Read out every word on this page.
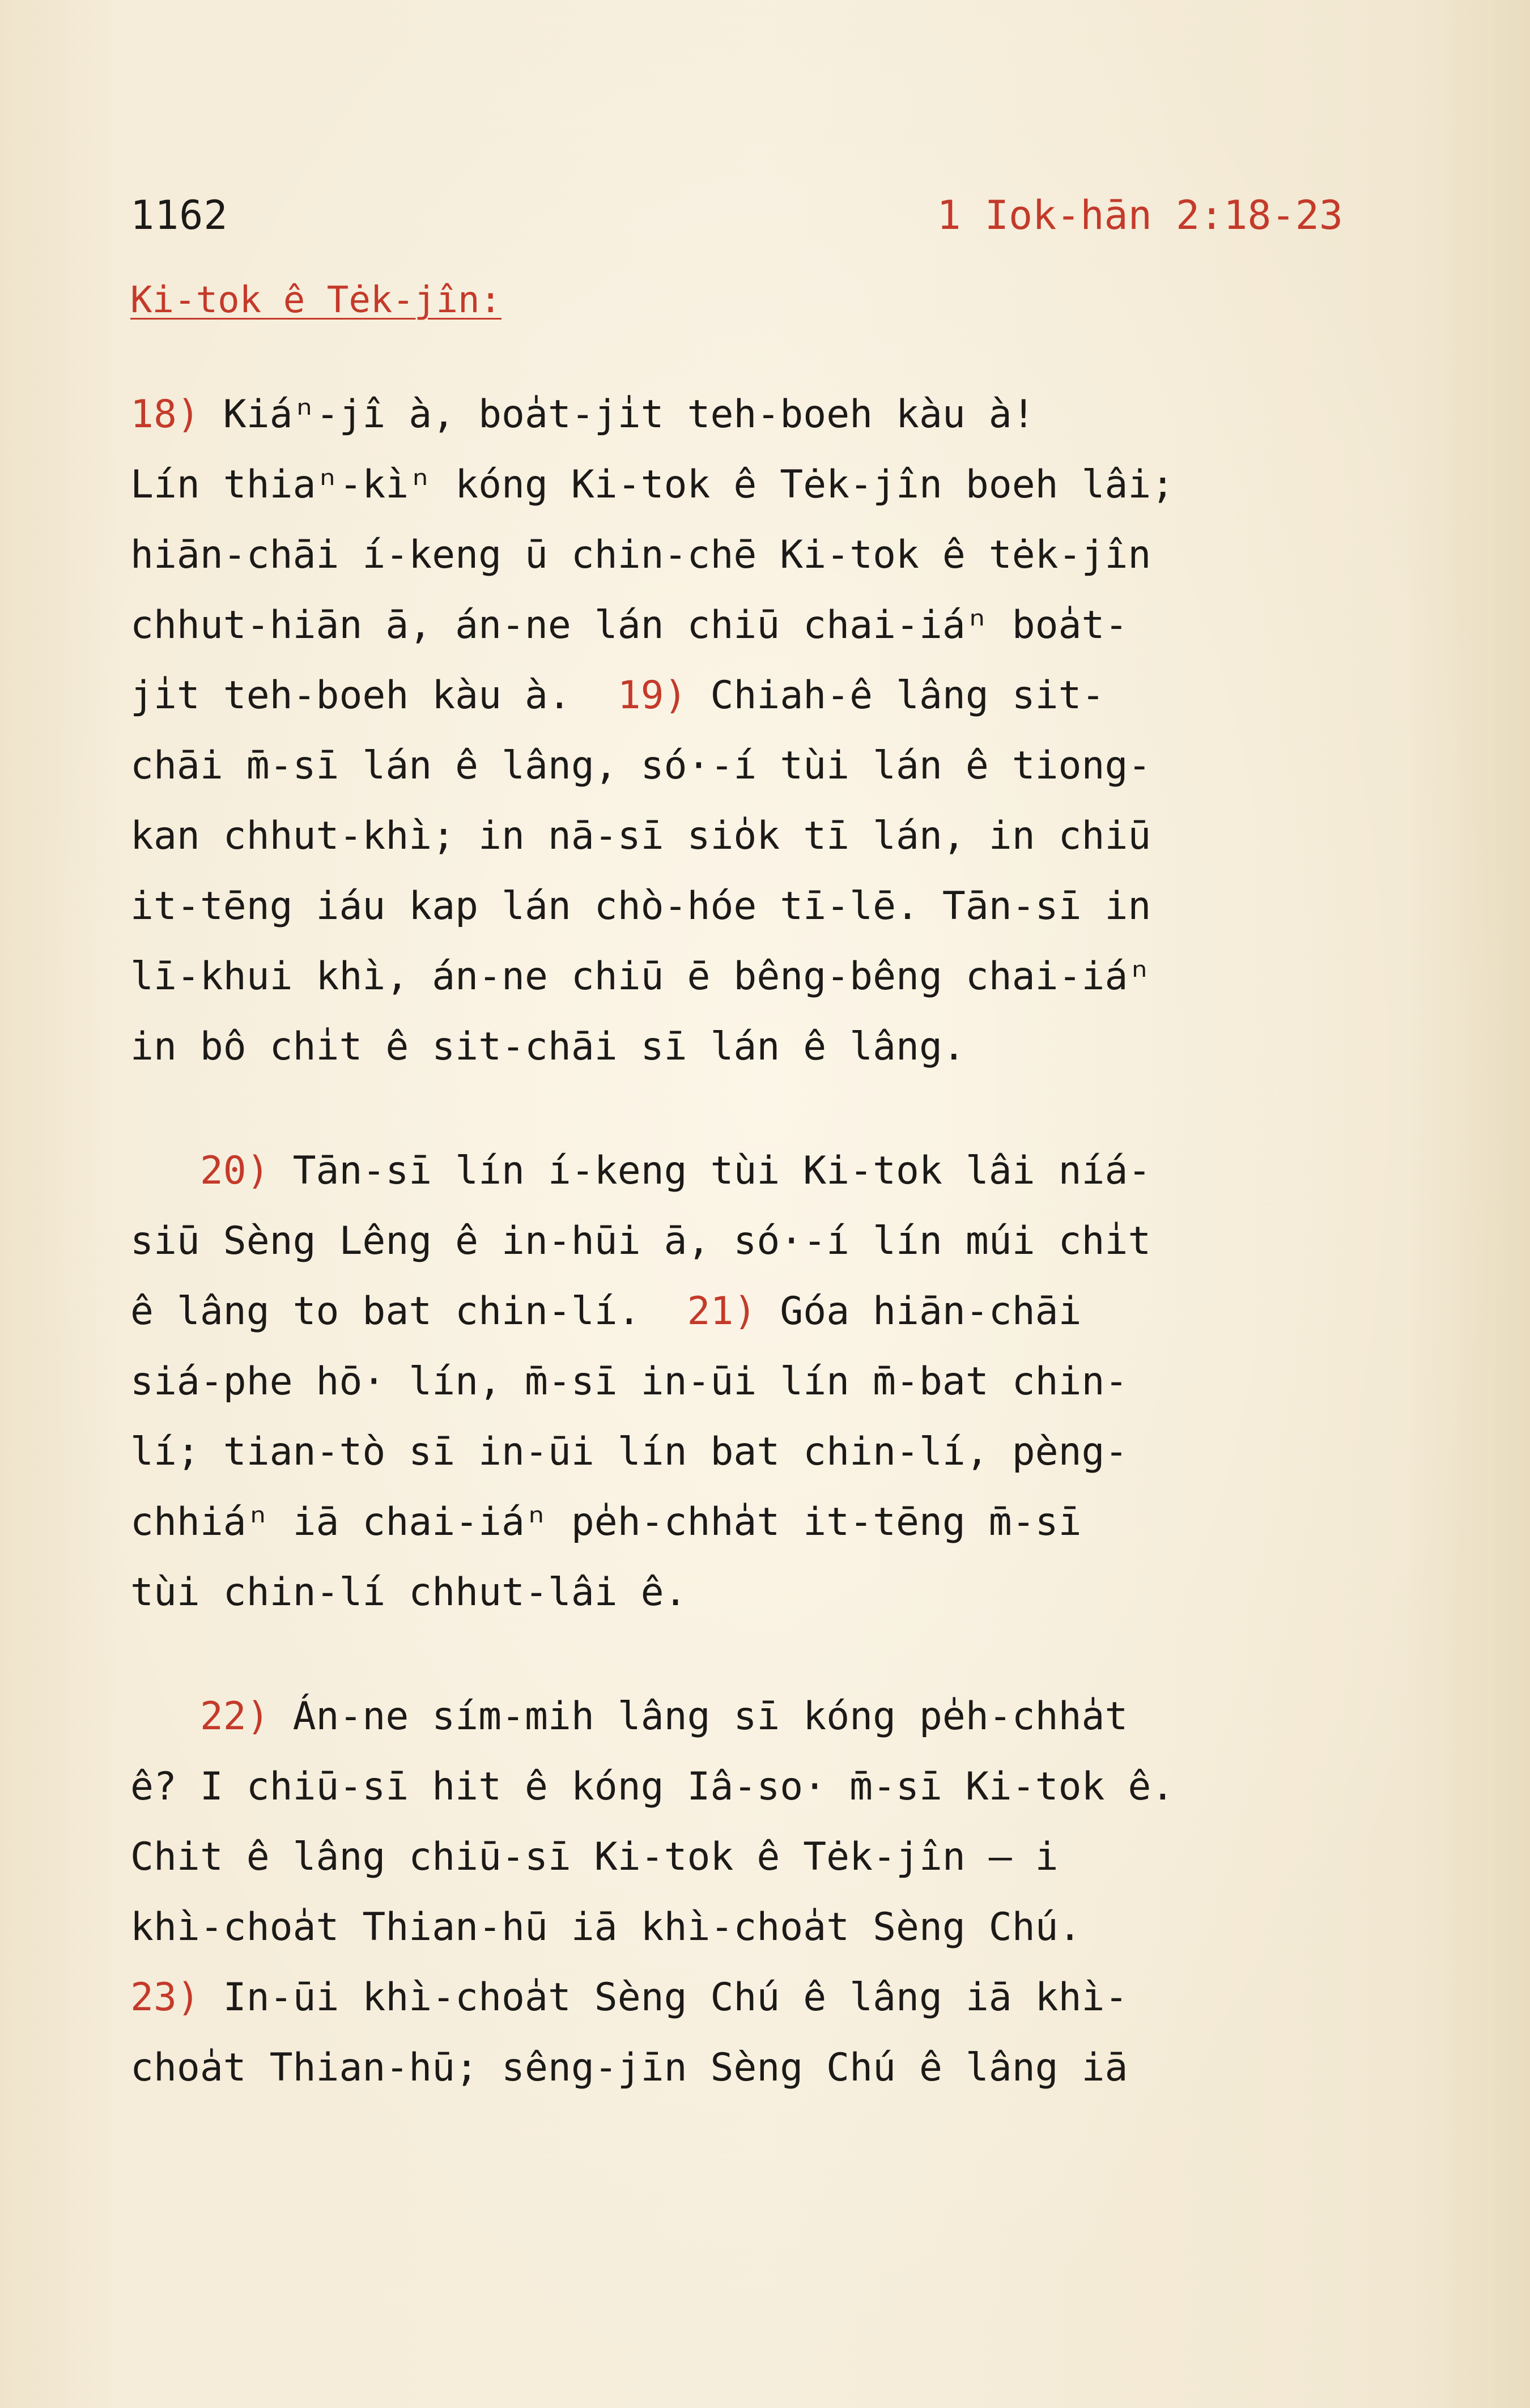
1162	1 Iok-hān 2:18-23
Ki-tok ê Tėk-jîn:
18) Kiáⁿ-jî à, boa̍t-ji̍t teh-boeh kàu à!
Lín thiaⁿ-kìⁿ kóng Ki-tok ê Tėk-jîn boeh lâi;
hiān-chāi í-keng ū chin-chē Ki-tok ê tėk-jîn
chhut-hiān ā, án-ne lán chiū chai-iáⁿ boa̍t-
ji̍t teh-boeh kàu à.  19) Chiah-ê lâng sit-
chāi m̄-sī lán ê lâng, só·-í tùi lán ê tiong-
kan chhut-khì; in nā-sī sio̍k tī lán, in chiū
it-tēng iáu kap lán chò-hóe tī-lē. Tān-sī in
lī-khui khì, án-ne chiū ē bêng-bêng chai-iáⁿ
in bô chi̍t ê sit-chāi sī lán ê lâng.
20) Tān-sī lín í-keng tùi Ki-tok lâi níá-
siū Sèng Lêng ê in-hūi ā, só·-í lín múi chi̍t
ê lâng to bat chin-lí.  21) Góa hiān-chāi
siá-phe hō· lín, m̄-sī in-ūi lín m̄-bat chin-
lí; tian-tò sī in-ūi lín bat chin-lí, pèng-
chhiáⁿ iā chai-iáⁿ pe̍h-chha̍t it-tēng m̄-sī
tùi chin-lí chhut-lâi ê.
22) Án-ne sím-mih lâng sī kóng pe̍h-chha̍t
ê? I chiū-sī hit ê kóng Iâ-so· m̄-sī Ki-tok ê.
Chit ê lâng chiū-sī Ki-tok ê Tėk-jîn — i
khì-choa̍t Thian-hū iā khì-choa̍t Sèng Chú.
23) In-ūi khì-choa̍t Sèng Chú ê lâng iā khì-
choa̍t Thian-hū; sêng-jīn Sèng Chú ê lâng iā
